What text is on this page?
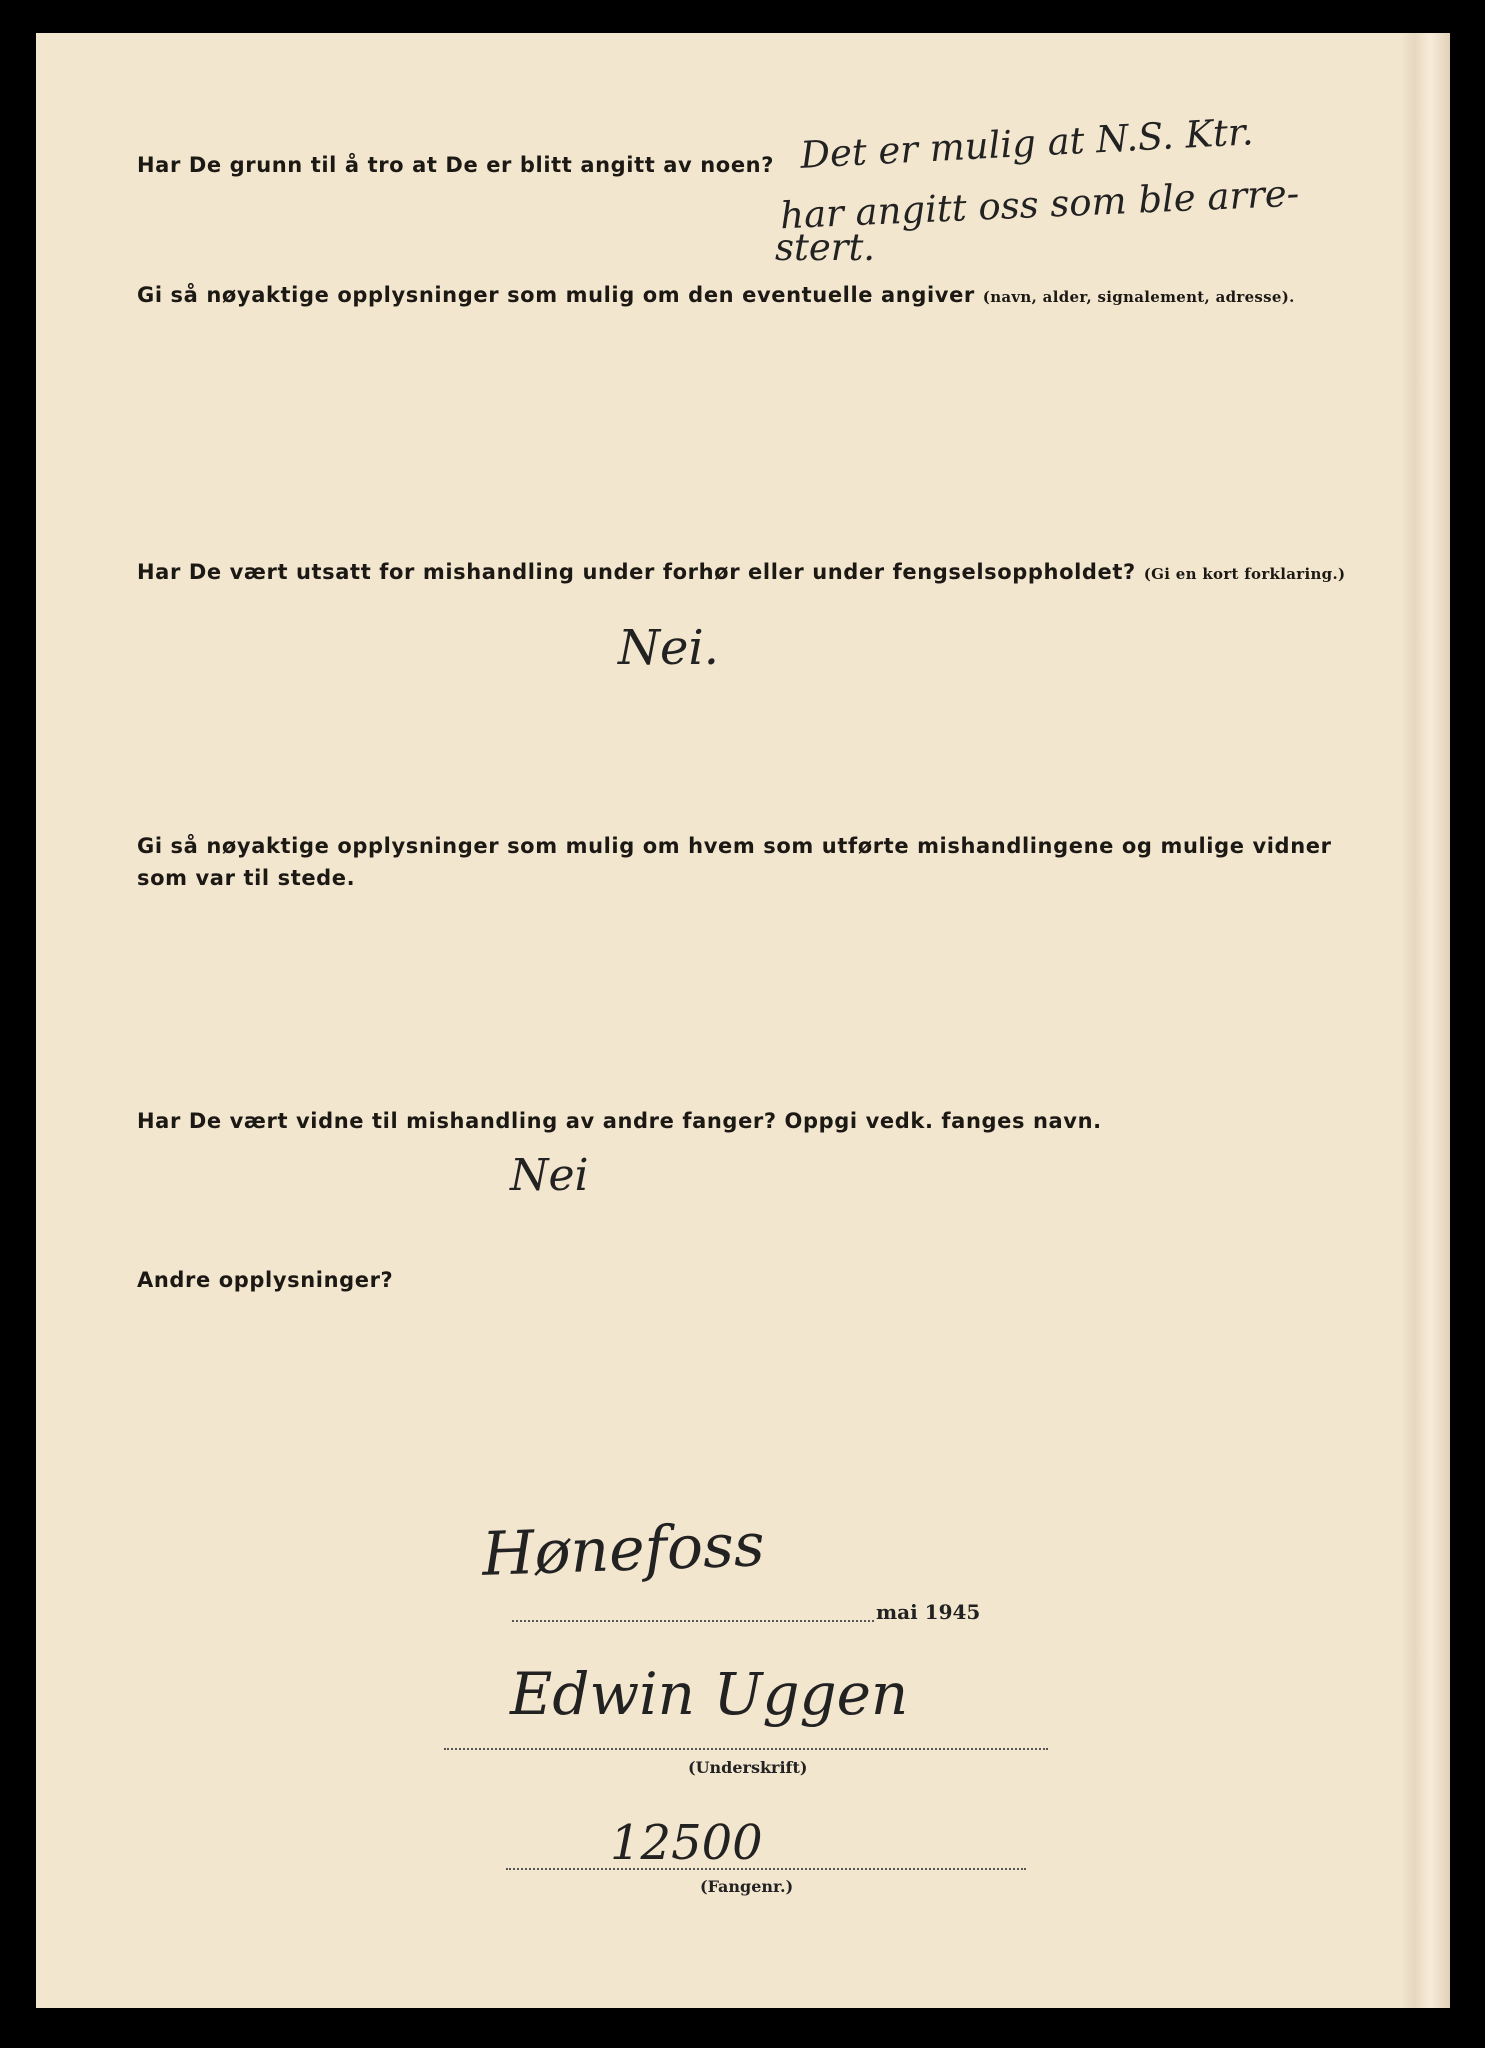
Har De grunn til å tro at De er blitt angitt av noen? Det er mulig at N.S. Ktr.
har angitt oss som ble arre-
stert.
Gi så nøyaktige opplysninger som mulig om den eventuelle angiver (navn, alder, signalement, adresse).
Har De vært utsatt for mishandling under forhør eller under fengselsoppholdet? (Gi en kort forklaring.)
Nei.
Gi så nøyaktige opplysninger som mulig om hvem som utførte mishandlingene og mulige vidner
som var til stede.
Har De vært vidne til mishandling av andre fanger? Oppgi vedk. fanges navn.
Nei
Andre opplysninger?
Hønefoss
mai 1945
Edwin Uggen
(Underskrift)
12500
(Fangenr.)
